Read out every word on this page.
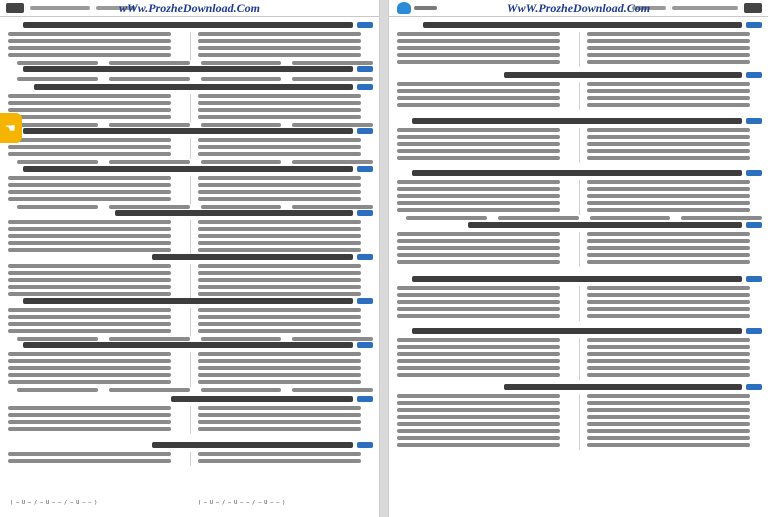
wWw.ProzheDownload.Com
( – U – / – U – – / – U – – )	( – U – / – U – – / – U – – )
WwW.ProzheDownload.Com
☚
